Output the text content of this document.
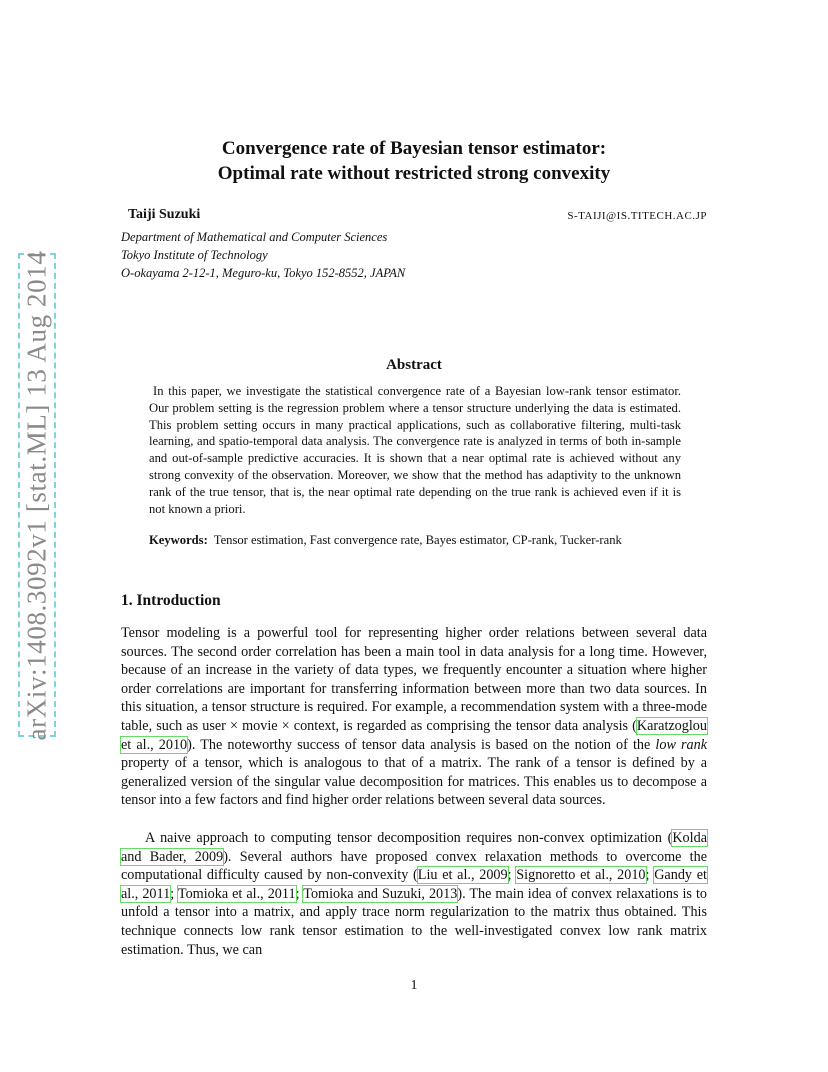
arXiv:1408.3092v1 [stat.ML] 13 Aug 2014
Convergence rate of Bayesian tensor estimator:
Optimal rate without restricted strong convexity
Taiji Suzuki	S-TAIJI@IS.TITECH.AC.JP
Department of Mathematical and Computer Sciences
Tokyo Institute of Technology
O-okayama 2-12-1, Meguro-ku, Tokyo 152-8552, JAPAN
Abstract
In this paper, we investigate the statistical convergence rate of a Bayesian low-rank tensor estimator. Our problem setting is the regression problem where a tensor structure underlying the data is estimated. This problem setting occurs in many practical applications, such as collaborative filtering, multi-task learning, and spatio-temporal data analysis. The convergence rate is analyzed in terms of both in-sample and out-of-sample predictive accuracies. It is shown that a near optimal rate is achieved without any strong convexity of the observation. Moreover, we show that the method has adaptivity to the unknown rank of the true tensor, that is, the near optimal rate depending on the true rank is achieved even if it is not known a priori.
Keywords: Tensor estimation, Fast convergence rate, Bayes estimator, CP-rank, Tucker-rank
1. Introduction
Tensor modeling is a powerful tool for representing higher order relations between several data sources. The second order correlation has been a main tool in data analysis for a long time. However, because of an increase in the variety of data types, we frequently encounter a situation where higher order correlations are important for transferring information between more than two data sources. In this situation, a tensor structure is required. For example, a recommendation system with a three-mode table, such as user × movie × context, is regarded as comprising the tensor data analysis (Karatzoglou et al., 2010). The noteworthy success of tensor data analysis is based on the notion of the low rank property of a tensor, which is analogous to that of a matrix. The rank of a tensor is defined by a generalized version of the singular value decomposition for matrices. This enables us to decompose a tensor into a few factors and find higher order relations between several data sources.
A naive approach to computing tensor decomposition requires non-convex optimization (Kolda and Bader, 2009). Several authors have proposed convex relaxation methods to overcome the computational difficulty caused by non-convexity (Liu et al., 2009; Signoretto et al., 2010; Gandy et al., 2011; Tomioka et al., 2011; Tomioka and Suzuki, 2013). The main idea of convex relaxations is to unfold a tensor into a matrix, and apply trace norm regularization to the matrix thus obtained. This technique connects low rank tensor estimation to the well-investigated convex low rank matrix estimation. Thus, we can
1
